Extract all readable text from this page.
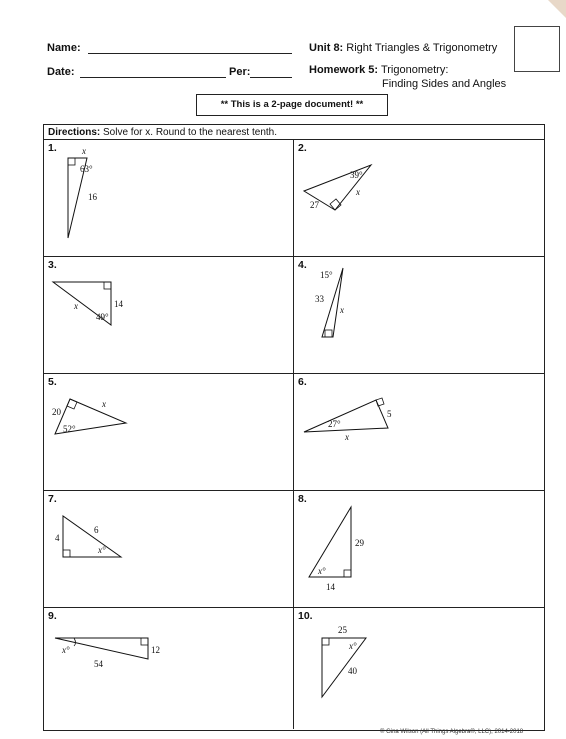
Name:
Date:	Per:
Unit 8: Right Triangles & Trigonometry
Homework 5: Trigonometry:
Finding Sides and Angles
** This is a 2-page document! **
Directions: Solve for x. Round to the nearest tenth.
1.	x
63°
16
2.
39°
x
27
3.
14
x
49°
4.
15°
33
x
5.
x
20
52°
6.
5
27°
x
7.
6
4
x°
8.
29
x°
14
9.
x°	12
54
10.
25
x°
40
© Gina Wilson (All Things Algebra®, LLC), 2014-2018
